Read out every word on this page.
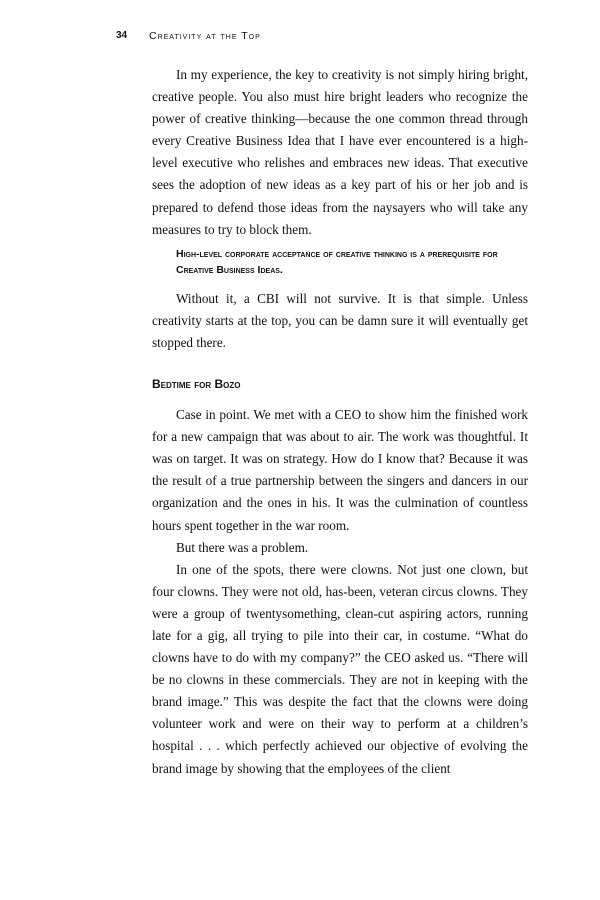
34 Creativity at the Top

In my experience, the key to creativity is not simply hiring bright, creative people. You also must hire bright leaders who recognize the power of creative thinking—because the one common thread through every Creative Business Idea that I have ever encountered is a high-level executive who relishes and embraces new ideas. That executive sees the adoption of new ideas as a key part of his or her job and is prepared to defend those ideas from the naysayers who will take any measures to try to block them.

High-level corporate acceptance of creative thinking is a prerequisite for Creative Business Ideas.

Without it, a CBI will not survive. It is that simple. Unless creativity starts at the top, you can be damn sure it will eventually get stopped there.

Bedtime for Bozo

Case in point. We met with a CEO to show him the finished work for a new campaign that was about to air. The work was thoughtful. It was on target. It was on strategy. How do I know that? Because it was the result of a true partnership between the singers and dancers in our organization and the ones in his. It was the culmination of countless hours spent together in the war room.

But there was a problem.

In one of the spots, there were clowns. Not just one clown, but four clowns. They were not old, has-been, veteran circus clowns. They were a group of twentysomething, clean-cut aspiring actors, running late for a gig, all trying to pile into their car, in costume. “What do clowns have to do with my company?” the CEO asked us. “There will be no clowns in these commercials. They are not in keeping with the brand image.” This was despite the fact that the clowns were doing volunteer work and were on their way to perform at a children’s hospital . . . which perfectly achieved our objective of evolving the brand image by showing that the employees of the client
